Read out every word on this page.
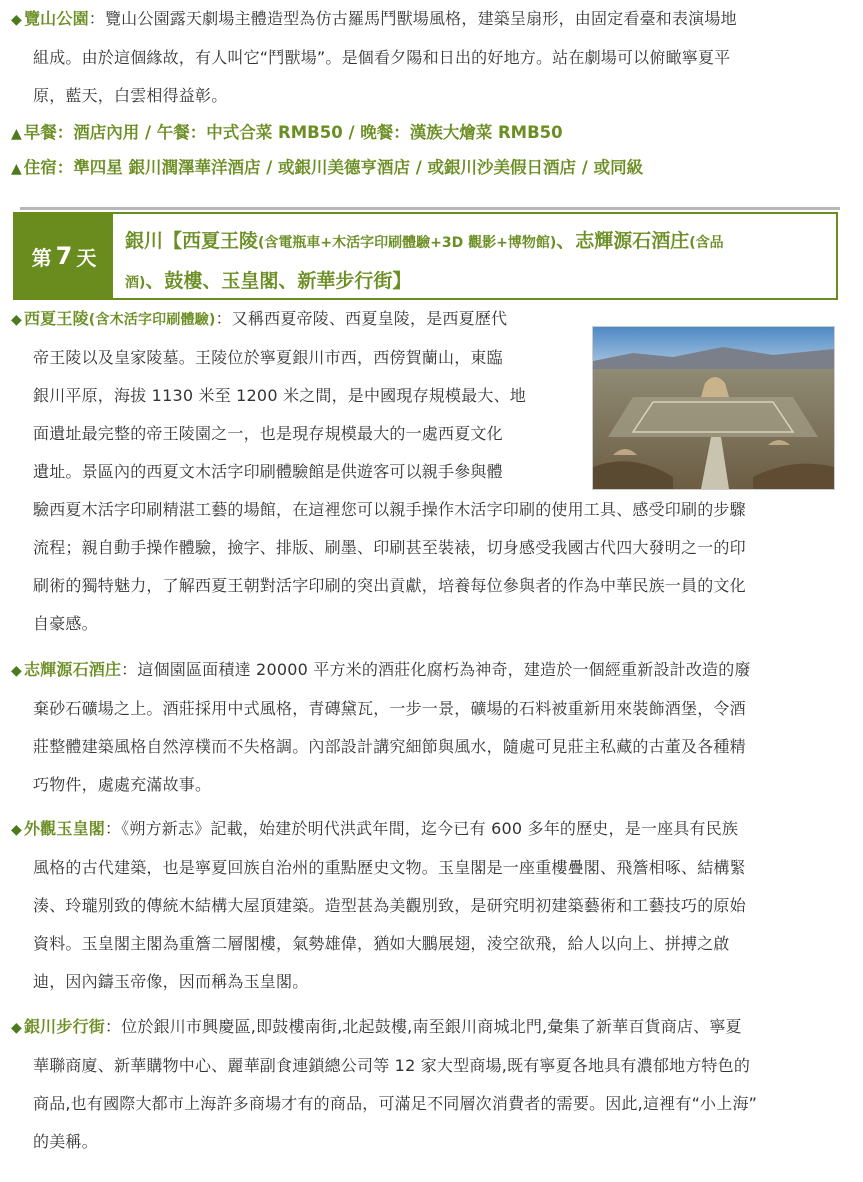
◆ 覽山公園：覽山公園露天劇場主體造型為仿古羅馬鬥獸場風格，建築呈扇形，由固定看臺和表演場地

組成。由於這個緣故，有人叫它“鬥獸場”。是個看夕陽和日出的好地方。站在劇場可以俯瞰寧夏平

原，藍天，白雲相得益彰。

▲ 早餐：酒店內用 / 午餐：中式合菜 RMB50 / 晚餐：漢族大燴菜 RMB50
▲ 住宿：準四星 銀川潤澤華洋酒店 / 或銀川美德亨酒店 / 或銀川沙美假日酒店 / 或同級
第 7 天
銀川【西夏王陵(含電瓶車+木活字印刷體驗+3D 觀影+博物館)、志輝源石酒庄(含品
酒)、鼓樓、玉皇閣、新華步行街】

◆ 西夏王陵(含木活字印刷體驗)：又稱西夏帝陵、西夏皇陵，是西夏歷代

帝王陵以及皇家陵墓。王陵位於寧夏銀川市西，西傍賀蘭山，東臨

銀川平原，海拔 1130 米至 1200 米之間，是中國現存規模最大、地

面遺址最完整的帝王陵園之一，也是現存規模最大的一處西夏文化

遺址。景區內的西夏文木活字印刷體驗館是供遊客可以親手參與體

驗西夏木活字印刷精湛工藝的場館，在這裡您可以親手操作木活字印刷的使用工具、感受印刷的步驟

流程；親自動手操作體驗，撿字、排版、刷墨、印刷甚至裝裱，切身感受我國古代四大發明之一的印

刷術的獨特魅力，了解西夏王朝對活字印刷的突出貢獻，培養每位參與者的作為中華民族一員的文化

自豪感。

◆ 志輝源石酒庄：這個園區面積達 20000 平方米的酒莊化腐朽為神奇，建造於一個經重新設計改造的廢

棄砂石礦場之上。酒莊採用中式風格，青磚黛瓦，一步一景，礦場的石料被重新用來裝飾酒堡，令酒

莊整體建築風格自然淳樸而不失格調。內部設計講究細節與風水，隨處可見莊主私藏的古董及各種精

巧物件，處處充滿故事。

◆ 外觀玉皇閣：《朔方新志》記載，始建於明代洪武年間，迄今已有 600 多年的歷史，是一座具有民族

風格的古代建築，也是寧夏回族自治州的重點歷史文物。玉皇閣是一座重樓疊閣、飛簷相啄、結構緊

湊、玲瓏別致的傳統木結構大屋頂建築。造型甚為美觀別致，是研究明初建築藝術和工藝技巧的原始

資料。玉皇閣主閣為重簷二層閣樓，氣勢雄偉，猶如大鵬展翅，淩空欲飛，給人以向上、拼搏之啟

迪，因內鑄玉帝像，因而稱為玉皇閣。

◆ 銀川步行街：位於銀川市興慶區,即鼓樓南街,北起鼓樓,南至銀川商城北門,彙集了新華百貨商店、寧夏

華聯商廈、新華購物中心、麗華副食連鎖總公司等 12 家大型商場,既有寧夏各地具有濃郁地方特色的

商品,也有國際大都市上海許多商場才有的商品，可滿足不同層次消費者的需要。因此,這裡有“小上海”

的美稱。
